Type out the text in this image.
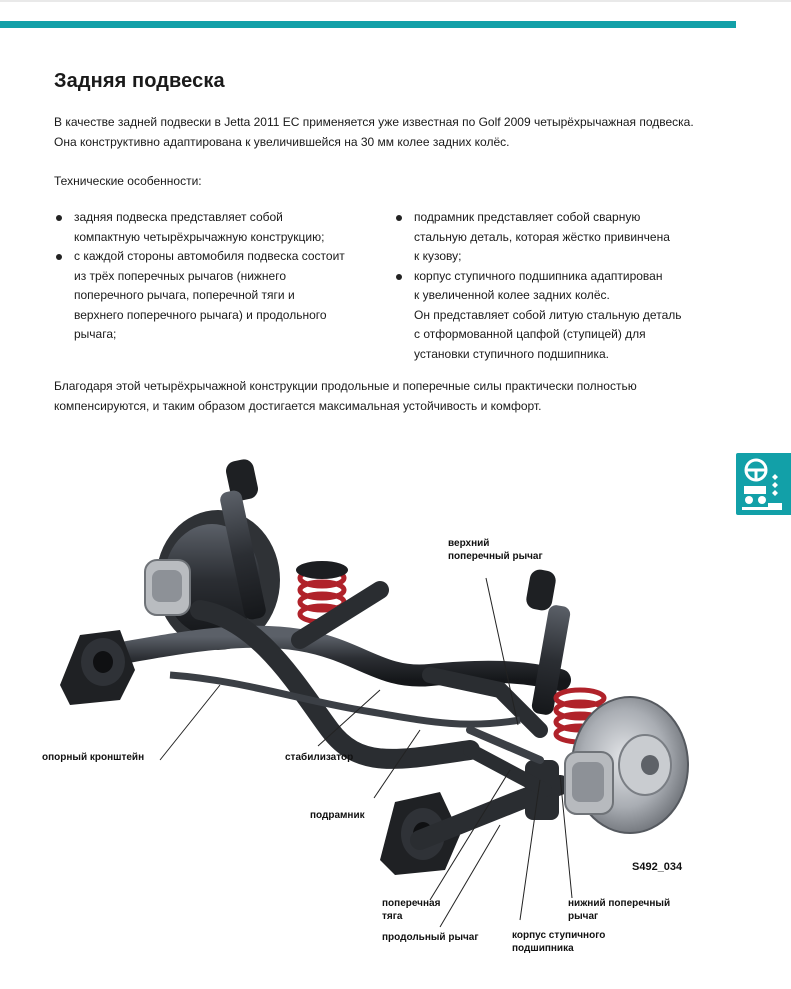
Задняя подвеска
В качестве задней подвески в Jetta 2011 EC применяется уже известная по Golf 2009 четырёхрычажная подвеска. Она конструктивно адаптирована к увеличившейся на 30 мм колее задних колёс.
Технические особенности:
задняя подвеска представляет собой
компактную четырёхрычажную конструкцию;
с каждой стороны автомобиля подвеска состоит
из трёх поперечных рычагов (нижнего
поперечного рычага, поперечной тяги и
верхнего поперечного рычага) и продольного
рычага;
подрамник представляет собой сварную
стальную деталь, которая жёстко привинчена
к кузову;
корпус ступичного подшипника адаптирован
к увеличенной колее задних колёс.
Он представляет собой литую стальную деталь
с отформованной цапфой (ступицей) для
установки ступичного подшипника.
Благодаря этой четырёхрычажной конструкции продольные и поперечные силы практически полностью компенсируются, и таким образом достигается максимальная устойчивость и комфорт.
верхний
поперечный рычаг
опорный кронштейн	стабилизатор
подрамник
поперечная
тяга
продольный рычаг	корпус ступичного
подшипника
нижний поперечный
рычаг
S492_034
